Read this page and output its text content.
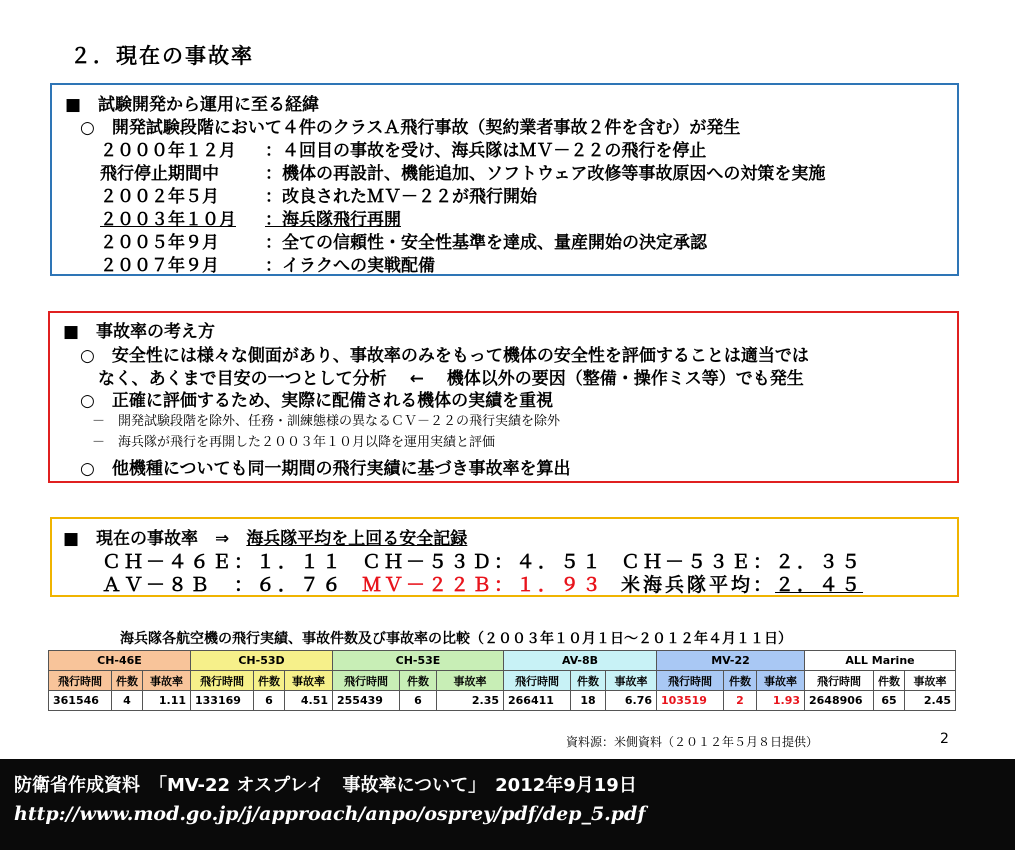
２．現在の事故率
■　試験開発から運用に至る経緯
○　開発試験段階において４件のクラスＡ飛行事故（契約業者事故２件を含む）が発生
２０００年１２月 ：４回目の事故を受け、海兵隊はＭＶ－２２の飛行を停止
飛行停止期間中	：機体の再設計、機能追加、ソフトウェア改修等事故原因への対策を実施
２００２年５月	：改良されたＭＶ－２２が飛行開始
２００３年１０月 ：海兵隊飛行再開
２００５年９月	：全ての信頼性・安全性基準を達成、量産開始の決定承認
２００７年９月	：イラクへの実戦配備
■　事故率の考え方
○　安全性には様々な側面があり、事故率のみをもって機体の安全性を評価することは適当では
なく、あくまで目安の一つとして分析　 ←　 機体以外の要因（整備・操作ミス等）でも発生
○　正確に評価するため、実際に配備される機体の実績を重視
－　開発試験段階を除外、任務・訓練態様の異なるＣＶ－２２の飛行実績を除外
－　海兵隊が飛行を再開した２００３年１０月以降を運用実績と評価
○　他機種についても同一期間の飛行実績に基づき事故率を算出
■　現在の事故率　⇒　海兵隊平均を上回る安全記録
ＣＨ－４６Ｅ：１．１１ ＣＨ－５３Ｄ：４．５１ ＣＨ－５３Ｅ：２．３５
ＡＶ－８Ｂ　：６．７６ ＭＶ－２２Ｂ：１．９３ 米海兵隊平均：２．４５
海兵隊各航空機の飛行実績、事故件数及び事故率の比較（２００３年１０月１日～２０１２年４月１１日）
CH-46E			CH-53D			CH-53E			AV-8B			MV-22			ALL Marine		
飛行時間	件数	事故率	飛行時間	件数	事故率	飛行時間	件数	事故率	飛行時間	件数	事故率	飛行時間	件数	事故率	飛行時間	件数	事故率
361546	4	1.11	133169	6	4.51	255439	6	2.35	266411	18	6.76	103519	2	1.93	2648906	65	2.45
資料源：米側資料（２０１２年５月８日提供）	2
防衛省作成資料　「MV-22 オスプレイ　事故率について」　2012年9月19日
http://www.mod.go.jp/j/approach/anpo/osprey/pdf/dep_5.pdf
